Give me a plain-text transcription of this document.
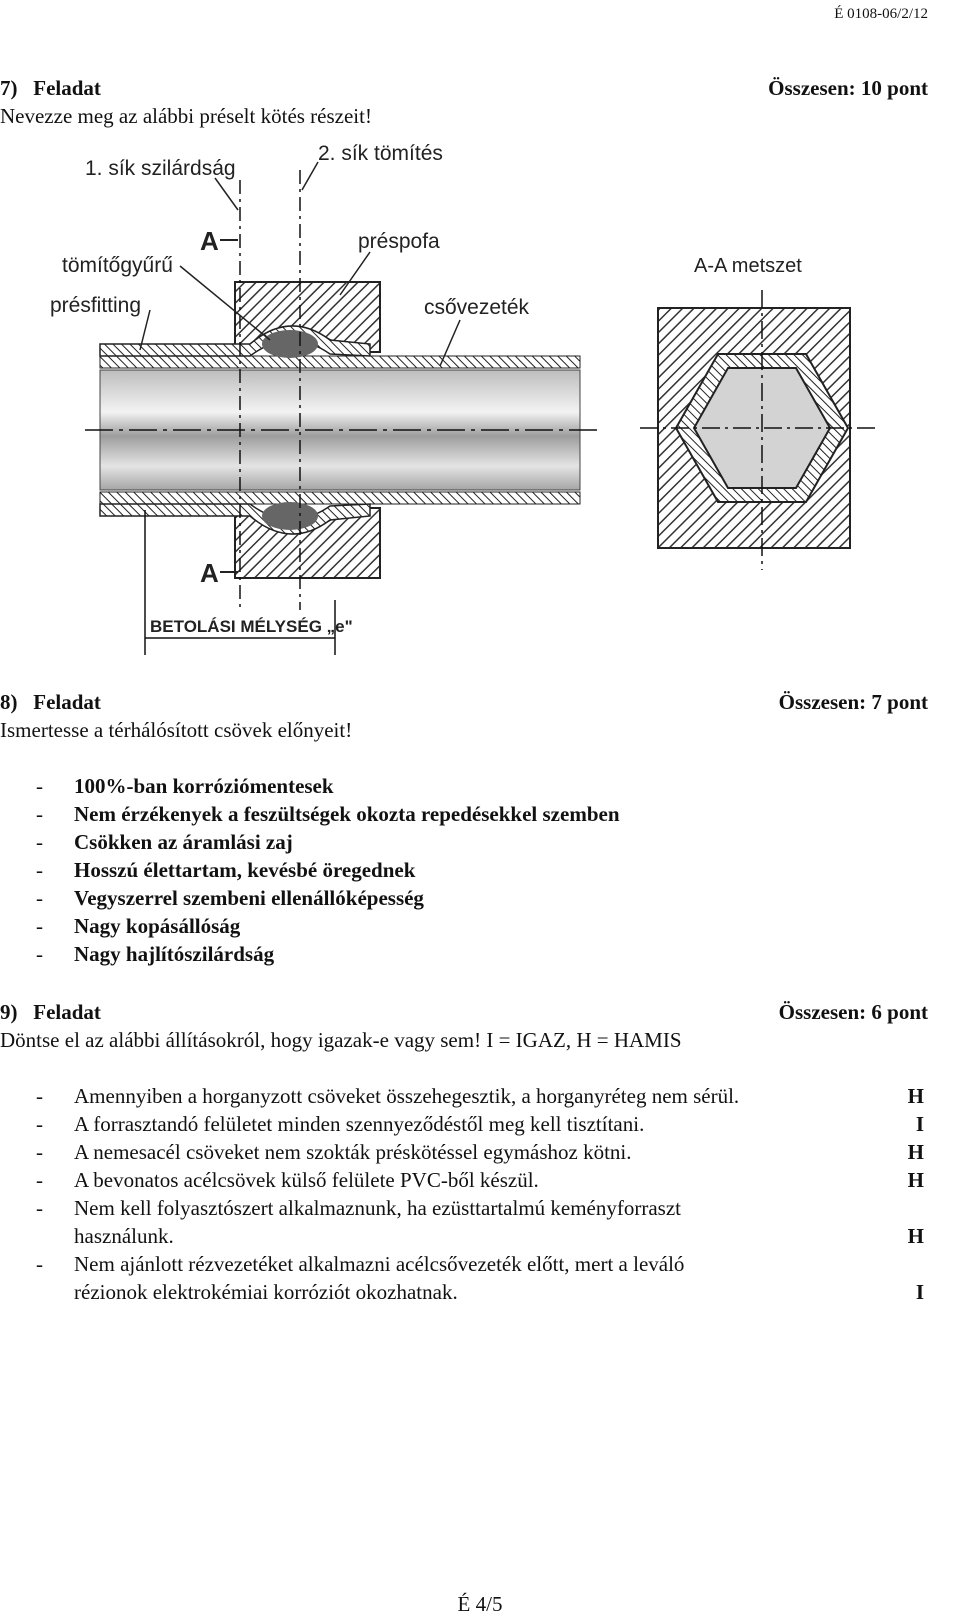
É 0108-06/2/12
7)   Feladat	Összesen: 10 pont
Nevezze meg az alábbi préselt kötés részeit!
1. sík szilárdság
2. sík tömítés
A
tömítőgyűrű
présfitting
préspofa
csővezeték
A
BETOLÁSI MÉLYSÉG „e"
A-A metszet
8)   Feladat	Összesen: 7 pont
Ismertesse a térhálósított csövek előnyeit!
- 100%-ban korróziómentesek
- Nem érzékenyek a feszültségek okozta repedésekkel szemben
- Csökken az áramlási zaj
- Hosszú élettartam, kevésbé öregednek
- Vegyszerrel szembeni ellenállóképesség
- Nagy kopásállóság
- Nagy hajlítószilárdság
9)   Feladat	Összesen: 6 pont
Döntse el az alábbi állításokról, hogy igazak-e vagy sem! I = IGAZ, H = HAMIS
- Amennyiben a horganyzott csöveket összehegesztik, a horganyréteg nem sérül.	H
- A forrasztandó felületet minden szennyeződéstől meg kell tisztítani.	I
- A nemesacél csöveket nem szokták préskötéssel egymáshoz kötni.	H
- A bevonatos acélcsövek külső felülete PVC-ből készül.	H
- Nem kell folyasztószert alkalmaznunk, ha ezüsttartalmú keményforraszt
használunk.	H
- Nem ajánlott rézvezetéket alkalmazni acélcsővezeték előtt, mert a leváló
rézionok elektrokémiai korróziót okozhatnak.	I
É 4/5
